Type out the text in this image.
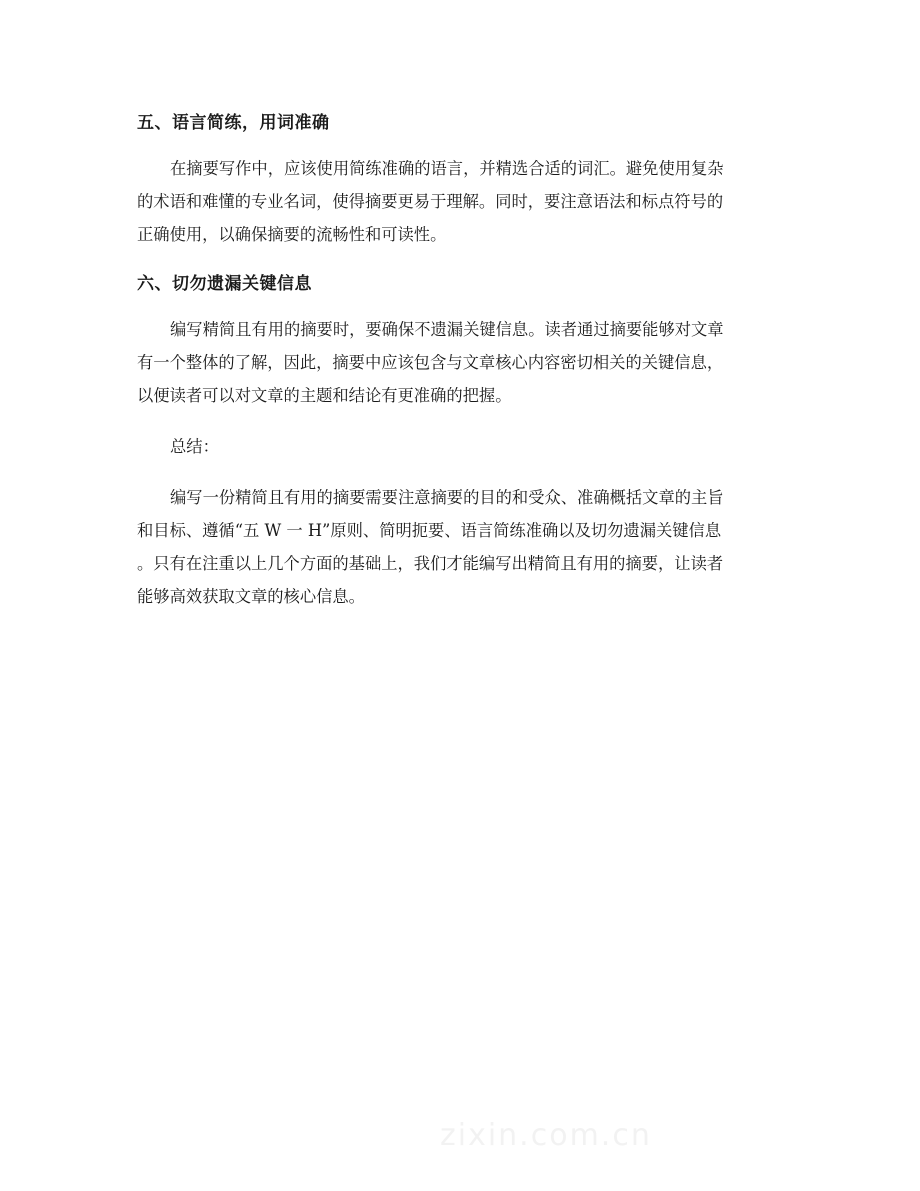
五、语言简练，用词准确
在摘要写作中，应该使用简练准确的语言，并精选合适的词汇。避免使用复杂
的术语和难懂的专业名词，使得摘要更易于理解。同时，要注意语法和标点符号的
正确使用，以确保摘要的流畅性和可读性。
六、切勿遗漏关键信息
编写精简且有用的摘要时，要确保不遗漏关键信息。读者通过摘要能够对文章
有一个整体的了解，因此，摘要中应该包含与文章核心内容密切相关的关键信息，
以便读者可以对文章的主题和结论有更准确的把握。
总结：
编写一份精简且有用的摘要需要注意摘要的目的和受众、准确概括文章的主旨
和目标、遵循“五 W 一 H”原则、简明扼要、语言简练准确以及切勿遗漏关键信息
。只有在注重以上几个方面的基础上，我们才能编写出精简且有用的摘要，让读者
能够高效获取文章的核心信息。
zixin.com.cn
